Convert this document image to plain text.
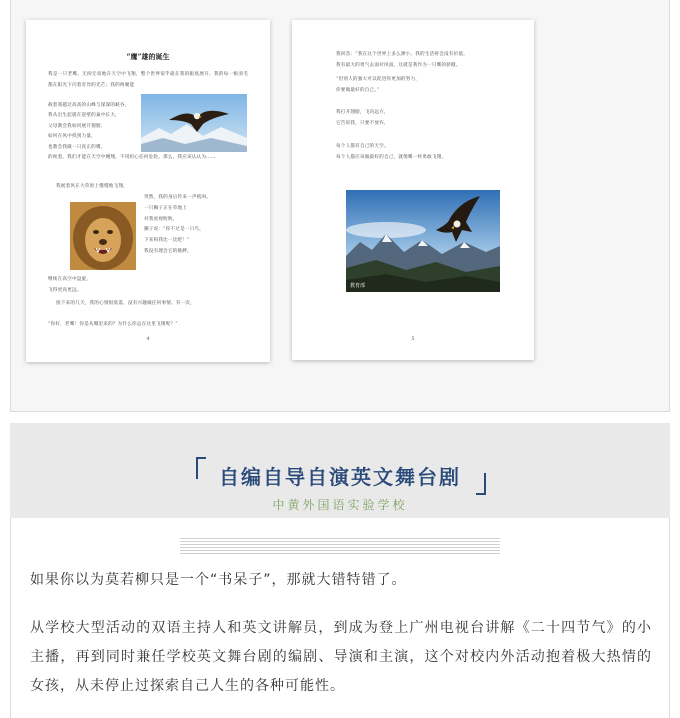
“鹰”雄的诞生

我是一只老鹰，无拘无束地在天空中飞翔，整个世界似乎就在我的眼底展开。我的每一根羽毛都在阳光下闪着奇异的光芒；我的两翼能

载着我越过高高的山峰与深深的峡谷，

我从出生起就在崖壁的巢中长大，

父母教会我如何展开翅膀，

如何在风中找到力量，

也教会我做一只真正的鹰。

的视着，我们才能在天空中翱翔，不用担心任何危险。那么，我应该认认为……

我展着风在大草原上慢慢地飞翔，

突然，我的身后传来一声吼叫。

一只狮子正在草地上

对我虎视眈眈，

狮子说：“你不过是一只鸟，

下来和我比一比吧！”

我没有理会它的挑衅，

继续在高空中盘旋，

飞得更高更远。

接下来的几天，我的心情很低落，没有兴趣做任何事情。有一次，

“你好，老鹰！你是从哪里来的？为什么你总在这里飞翔呢？”

4

我回答：“我在这个世界上多么渺小。我的生活将会没有价值，

我有最大的勇气去面对风雨，这就是我作为一只鹰的骄傲。

“但别人的强大可以促进你更加的努力，

你要做最好的自己。”

我打开翅膀，飞向远方，

它告诉我，只要不放弃，

每个人都有自己的天空。

每个人都应该做最好的自己，就像鹰一样勇敢飞翔。

教育部
5
自编自导自演英文舞台剧
中黄外国语实验学校

如果你以为莫若柳只是一个“书呆子”，那就大错特错了。

从学校大型活动的双语主持人和英文讲解员，到成为登上广州电视台讲解《二十四节气》的小主播，再到同时兼任学校英文舞台剧的编剧、导演和主演，这个对校内外活动抱着极大热情的女孩，从未停止过探索自己人生的各种可能性。
